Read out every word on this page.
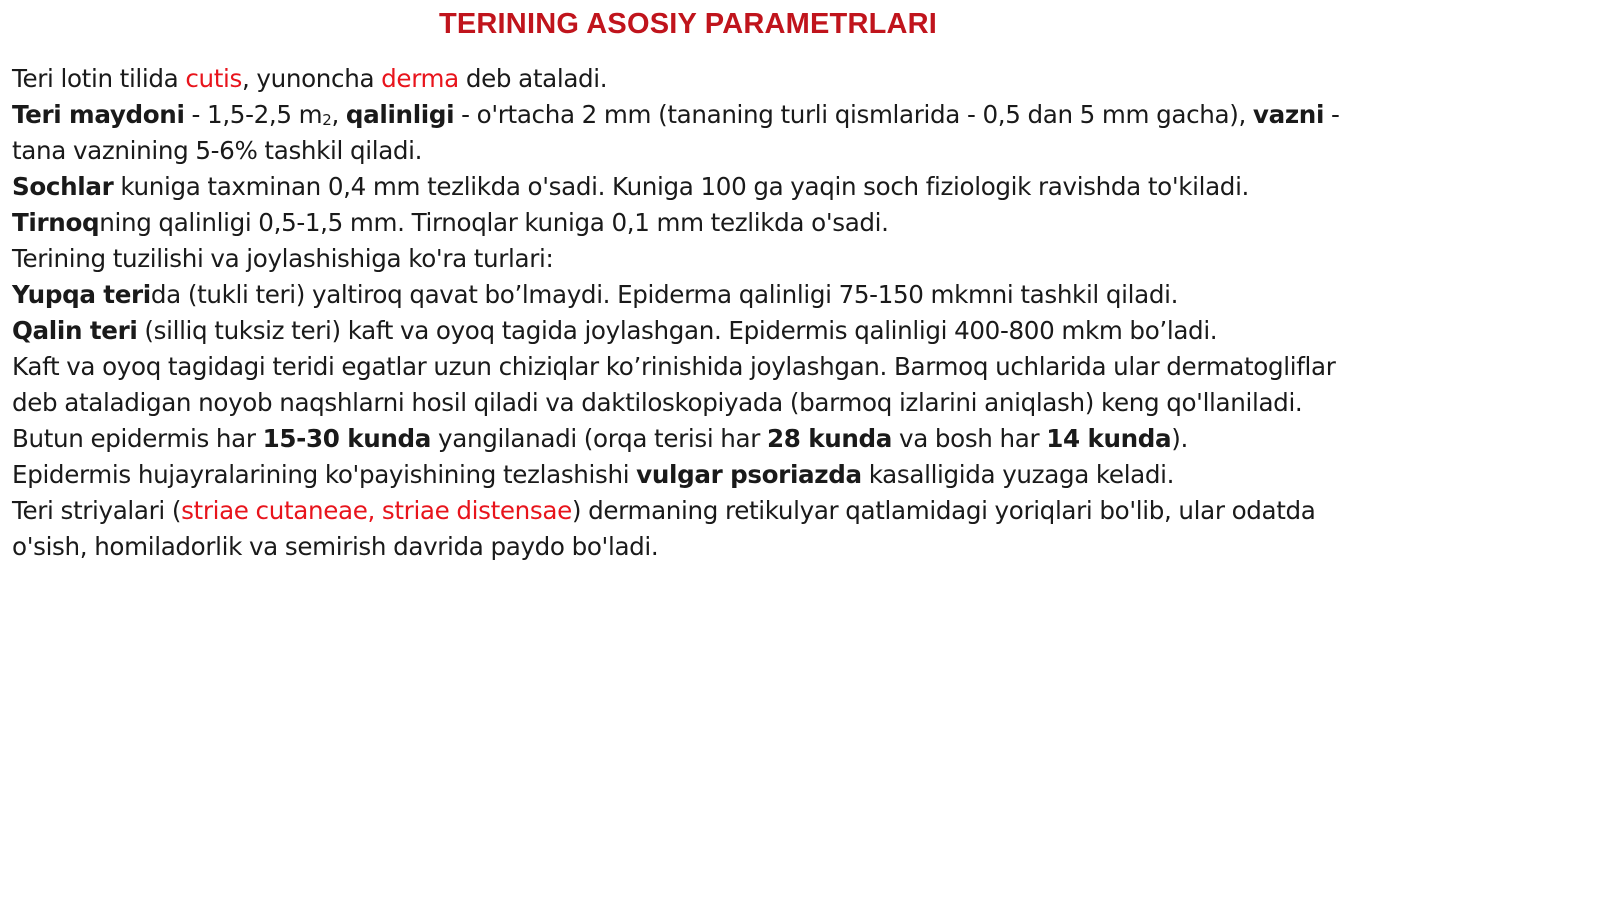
TERINING ASOSIY PARAMETRLARI
Teri lotin tilida cutis, yunoncha derma deb ataladi.
Teri maydoni - 1,5-2,5 m2, qalinligi - o'rtacha 2 mm (tananing turli qismlarida - 0,5 dan 5 mm gacha), vazni -
tana vaznining 5-6% tashkil qiladi.
Sochlar kuniga taxminan 0,4 mm tezlikda o'sadi. Kuniga 100 ga yaqin soch fiziologik ravishda to'kiladi.
Tirnoqning qalinligi 0,5-1,5 mm. Tirnoqlar kuniga 0,1 mm tezlikda o'sadi.
Terining tuzilishi va joylashishiga ko'ra turlari:
Yupqa terida (tukli teri) yaltiroq qavat bo’lmaydi. Epiderma qalinligi 75-150 mkmni tashkil qiladi.
Qalin teri (silliq tuksiz teri) kaft va oyoq tagida joylashgan. Epidermis qalinligi 400-800 mkm bo’ladi.
Kaft va oyoq tagidagi teridi egatlar uzun chiziqlar ko’rinishida joylashgan. Barmoq uchlarida ular dermatogliflar
deb ataladigan noyob naqshlarni hosil qiladi va daktiloskopiyada (barmoq izlarini aniqlash) keng qo'llaniladi.
Butun epidermis har 15-30 kunda yangilanadi (orqa terisi har 28 kunda va bosh har 14 kunda).
Epidermis hujayralarining ko'payishining tezlashishi vulgar psoriazda kasalligida yuzaga keladi.
Teri striyalari (striae cutaneae, striae distensae) dermaning retikulyar qatlamidagi yoriqlari bo'lib, ular odatda
o'sish, homiladorlik va semirish davrida paydo bo'ladi.
